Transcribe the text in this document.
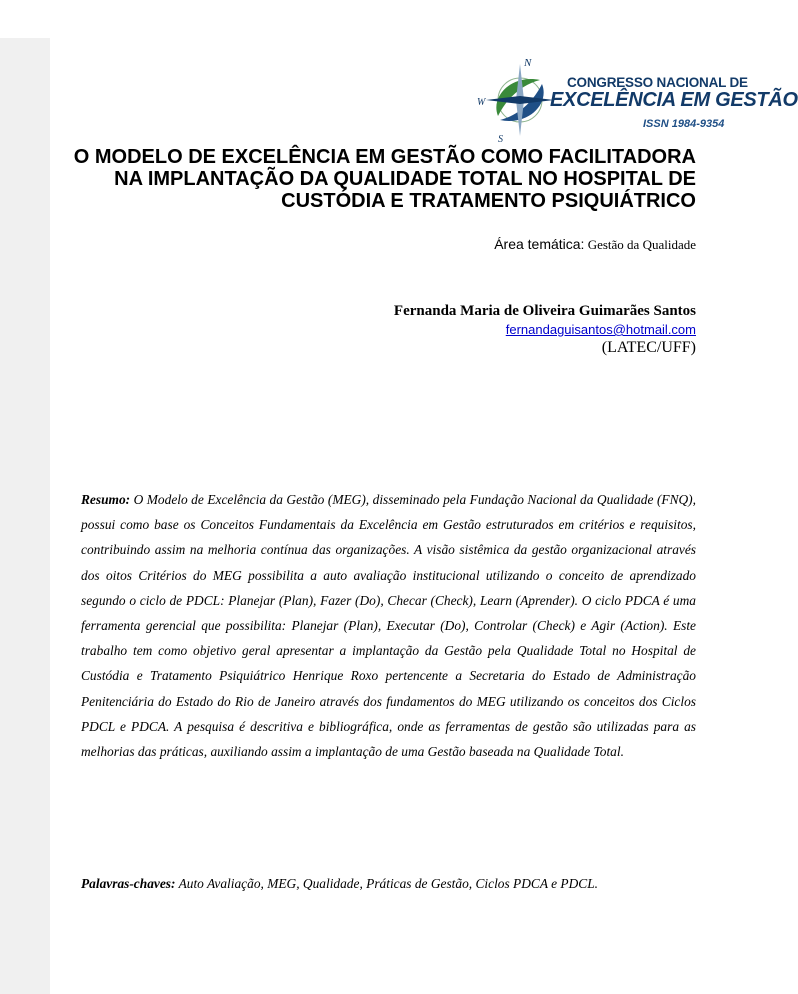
N
W
S
CONGRESSO NACIONAL DE
EXCELÊNCIA EM GESTÃO
ISSN 1984-9354
O MODELO DE EXCELÊNCIA EM GESTÃO COMO FACILITADORA NA IMPLANTAÇÃO DA QUALIDADE TOTAL NO HOSPITAL DE CUSTÓDIA E TRATAMENTO PSIQUIÁTRICO
Área temática: Gestão da Qualidade
Fernanda Maria de Oliveira Guimarães Santos
fernandaguisantos@hotmail.com
(LATEC/UFF)

Resumo: O Modelo de Excelência da Gestão (MEG), disseminado pela Fundação Nacional da Qualidade (FNQ), possui como base os Conceitos Fundamentais da Excelência em Gestão estruturados em critérios e requisitos, contribuindo assim na melhoria contínua das organizações. A visão sistêmica da gestão organizacional através dos oitos Critérios do MEG possibilita a auto avaliação institucional utilizando o conceito de aprendizado segundo o ciclo de PDCL: Planejar (Plan), Fazer (Do), Checar (Check), Learn (Aprender). O ciclo PDCA é uma ferramenta gerencial que possibilita: Planejar (Plan), Executar (Do), Controlar (Check) e Agir (Action). Este trabalho tem como objetivo geral apresentar a implantação da Gestão pela Qualidade Total no Hospital de Custódia e Tratamento Psiquiátrico Henrique Roxo pertencente a Secretaria do Estado de Administração Penitenciária do Estado do Rio de Janeiro através dos fundamentos do MEG utilizando os conceitos dos Ciclos PDCL e PDCA. A pesquisa é descritiva e bibliográfica, onde as ferramentas de gestão são utilizadas para as melhorias das práticas, auxiliando assim a implantação de uma Gestão baseada na Qualidade Total.

Palavras-chaves: Auto Avaliação, MEG, Qualidade, Práticas de Gestão, Ciclos PDCA e PDCL.
